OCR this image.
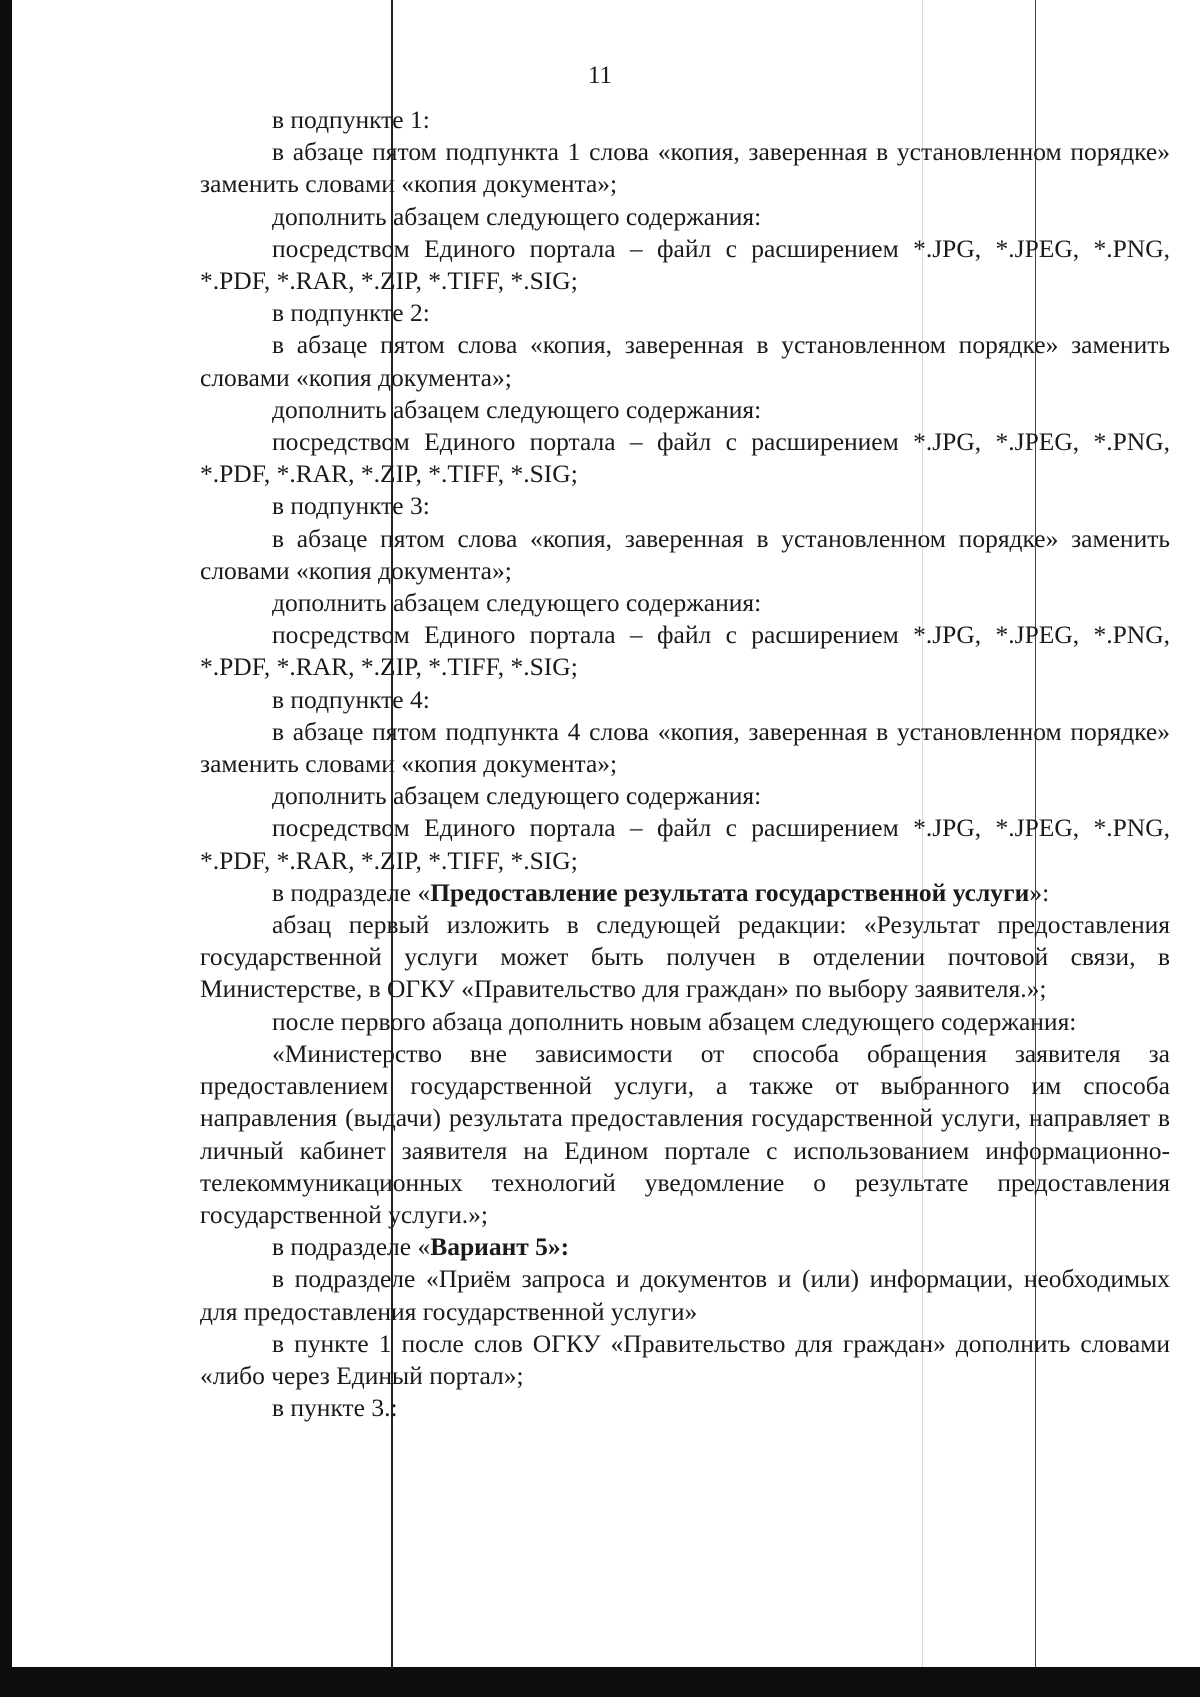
11

в подпункте 1:

в абзаце пятом подпункта 1 слова «копия, заверенная в установленном порядке» заменить словами «копия документа»;

дополнить абзацем следующего содержания:

посредством Единого портала – файл с расширением *.JPG, *.JPEG, *.PNG, *.PDF, *.RAR, *.ZIP, *.TIFF, *.SIG;

в подпункте 2:

в абзаце пятом слова «копия, заверенная в установленном порядке» заменить словами «копия документа»;

дополнить абзацем следующего содержания:

посредством Единого портала – файл с расширением *.JPG, *.JPEG, *.PNG, *.PDF, *.RAR, *.ZIP, *.TIFF, *.SIG;

в подпункте 3:

в абзаце пятом слова «копия, заверенная в установленном порядке» заменить словами «копия документа»;

дополнить абзацем следующего содержания:

посредством Единого портала – файл с расширением *.JPG, *.JPEG, *.PNG, *.PDF, *.RAR, *.ZIP, *.TIFF, *.SIG;

в подпункте 4:

в абзаце пятом подпункта 4 слова «копия, заверенная в установленном порядке» заменить словами «копия документа»;

дополнить абзацем следующего содержания:

посредством Единого портала – файл с расширением *.JPG, *.JPEG, *.PNG, *.PDF, *.RAR, *.ZIP, *.TIFF, *.SIG;

в подразделе «Предоставление результата государственной услуги»:

абзац первый изложить в следующей редакции: «Результат предоставления государственной услуги может быть получен в отделении почтовой связи, в Министерстве, в ОГКУ «Правительство для граждан» по выбору заявителя.»;

после первого абзаца дополнить новым абзацем следующего содержания:

«Министерство вне зависимости от способа обращения заявителя за предоставлением государственной услуги, а также от выбранного им способа направления (выдачи) результата предоставления государственной услуги, направляет в личный кабинет заявителя на Едином портале с использованием информационно-телекоммуникационных технологий уведомление о результате предоставления государственной услуги.»;

в подразделе «Вариант 5»:

в подразделе «Приём запроса и документов и (или) информации, необходимых для предоставления государственной услуги»

в пункте 1 после слов ОГКУ «Правительство для граждан» дополнить словами «либо через Единый портал»;

в пункте 3.:
